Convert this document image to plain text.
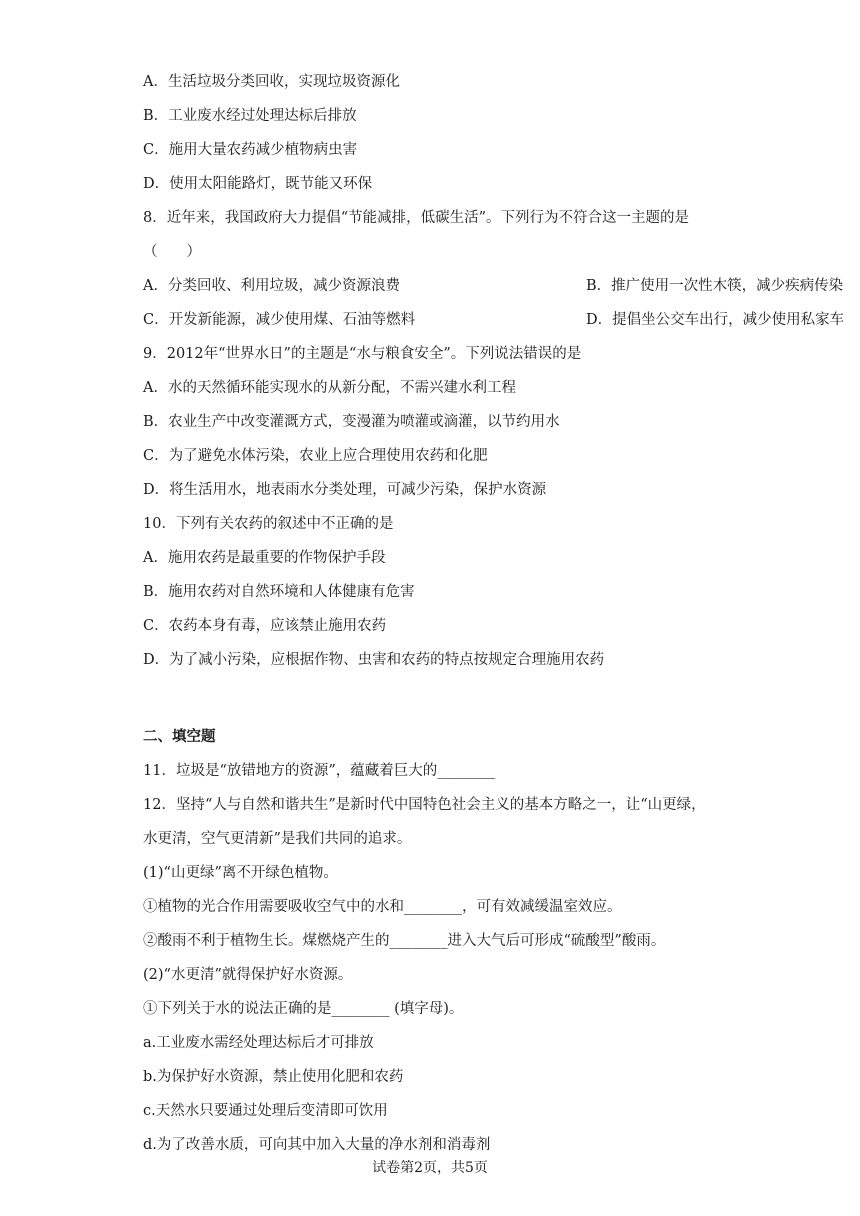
A．生活垃圾分类回收，实现垃圾资源化
B．工业废水经过处理达标后排放
C．施用大量农药减少植物病虫害
D．使用太阳能路灯，既节能又环保
8．近年来，我国政府大力提倡“节能减排，低碳生活”。下列行为不符合这一主题的是
（　　）
A．分类回收、利用垃圾，减少资源浪费	B．推广使用一次性木筷，减少疾病传染
C．开发新能源，减少使用煤、石油等燃料	D．提倡坐公交车出行，减少使用私家车
9．2012年“世界水日”的主题是“水与粮食安全”。下列说法错误的是
A．水的天然循环能实现水的从新分配，不需兴建水利工程
B．农业生产中改变灌溉方式，变漫灌为喷灌或滴灌，以节约用水
C．为了避免水体污染，农业上应合理使用农药和化肥
D．将生活用水，地表雨水分类处理，可减少污染，保护水资源
10．下列有关农药的叙述中不正确的是
A．施用农药是最重要的作物保护手段
B．施用农药对自然环境和人体健康有危害
C．农药本身有毒，应该禁止施用农药
D．为了减小污染，应根据作物、虫害和农药的特点按规定合理施用农药
二、填空题
11．垃圾是“放错地方的资源”，蕴藏着巨大的________
12．坚持“人与自然和谐共生”是新时代中国特色社会主义的基本方略之一，让“山更绿，
水更清，空气更清新”是我们共同的追求。
(1)“山更绿”离不开绿色植物。
①植物的光合作用需要吸收空气中的水和________，可有效减缓温室效应。
②酸雨不利于植物生长。煤燃烧产生的________进入大气后可形成“硫酸型”酸雨。
(2)“水更清”就得保护好水资源。
①下列关于水的说法正确的是________ (填字母)。
a.工业废水需经处理达标后才可排放
b.为保护好水资源，禁止使用化肥和农药
c.天然水只要通过处理后变清即可饮用
d.为了改善水质，可向其中加入大量的净水剂和消毒剂
试卷第2页，共5页
